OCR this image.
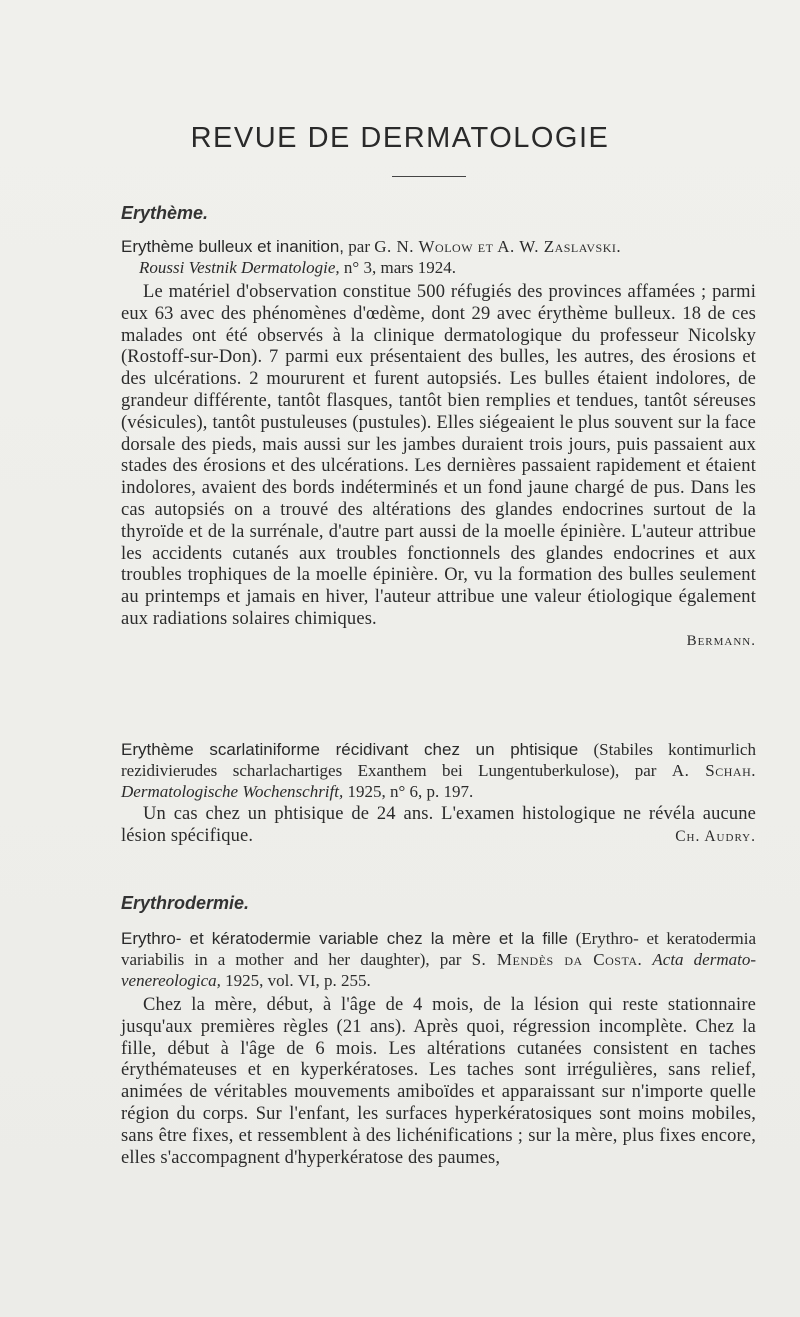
REVUE DE DERMATOLOGIE
Erythème.

Erythème bulleux et inanition, par G. N. Wolow et A. W. Zaslavski.
Roussi Vestnik Dermatologie, n° 3, mars 1924.

Le matériel d'observation constitue 500 réfugiés des provinces affamées ; parmi eux 63 avec des phénomènes d'œdème, dont 29 avec érythème bulleux. 18 de ces malades ont été observés à la clinique dermatologique du professeur Nicolsky (Rostoff-sur-Don). 7 parmi eux présentaient des bulles, les autres, des érosions et des ulcérations. 2 moururent et furent autopsiés. Les bulles étaient indolores, de grandeur différente, tantôt flasques, tantôt bien remplies et tendues, tantôt séreuses (vésicules), tantôt pustuleuses (pustules). Elles siégeaient le plus souvent sur la face dorsale des pieds, mais aussi sur les jambes duraient trois jours, puis passaient aux stades des érosions et des ulcérations. Les dernières passaient rapidement et étaient indolores, avaient des bords indéterminés et un fond jaune chargé de pus. Dans les cas autopsiés on a trouvé des altérations des glandes endocrines surtout de la thyroïde et de la surrénale, d'autre part aussi de la moelle épinière. L'auteur attribue les accidents cutanés aux troubles fonctionnels des glandes endocrines et aux troubles trophiques de la moelle épinière. Or, vu la formation des bulles seulement au printemps et jamais en hiver, l'auteur attribue une valeur étiologique également aux radiations solaires chimiques.

Bermann.

Erythème scarlatiniforme récidivant chez un phtisique (Stabiles kontimurlich rezidivierudes scharlachartiges Exanthem bei Lungentuberkulose), par A. Schah. Dermatologische Wochenschrift, 1925, n° 6, p. 197.

Un cas chez un phtisique de 24 ans. L'examen histologique ne révéla aucune lésion spécifique.	Ch. Audry.

Erythrodermie.

Erythro- et kératodermie variable chez la mère et la fille (Erythro- et keratodermia variabilis in a mother and her daughter), par S. Mendès da Costa. Acta dermato-venereologica, 1925, vol. VI, p. 255.

Chez la mère, début, à l'âge de 4 mois, de la lésion qui reste stationnaire jusqu'aux premières règles (21 ans). Après quoi, régression incomplète. Chez la fille, début à l'âge de 6 mois. Les altérations cutanées consistent en taches érythémateuses et en kyperkératoses. Les taches sont irrégulières, sans relief, animées de véritables mouvements amiboïdes et apparaissant sur n'importe quelle région du corps. Sur l'enfant, les surfaces hyperkératosiques sont moins mobiles, sans être fixes, et ressemblent à des lichénifications ; sur la mère, plus fixes encore, elles s'accompagnent d'hyperkératose des paumes,
